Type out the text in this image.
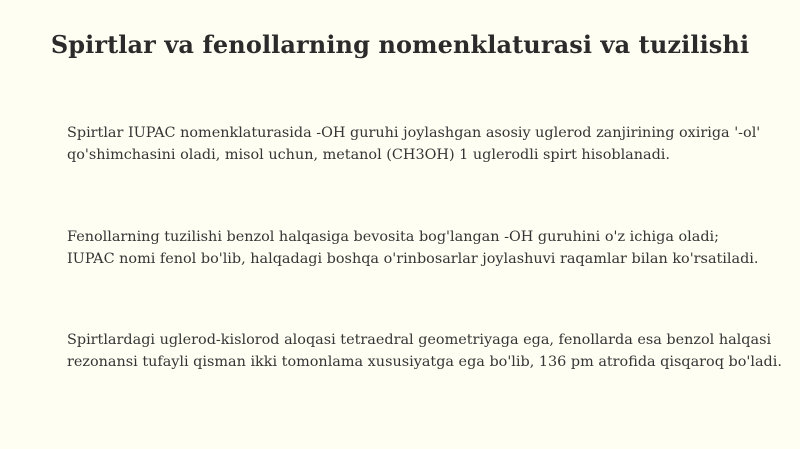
Spirtlar va fenollarning nomenklaturasi va tuzilishi

Spirtlar IUPAC nomenklaturasida -OH guruhi joylashgan asosiy uglerod zanjirining oxiriga '-ol'
qo'shimchasini oladi, misol uchun, metanol (CH3OH) 1 uglerodli spirt hisoblanadi.

Fenollarning tuzilishi benzol halqasiga bevosita bog'langan -OH guruhini o'z ichiga oladi;
IUPAC nomi fenol bo'lib, halqadagi boshqa o'rinbosarlar joylashuvi raqamlar bilan ko'rsatiladi.

Spirtlardagi uglerod-kislorod aloqasi tetraedral geometriyaga ega, fenollarda esa benzol halqasi
rezonansi tufayli qisman ikki tomonlama xususiyatga ega bo'lib, 136 pm atrofida qisqaroq bo'ladi.
